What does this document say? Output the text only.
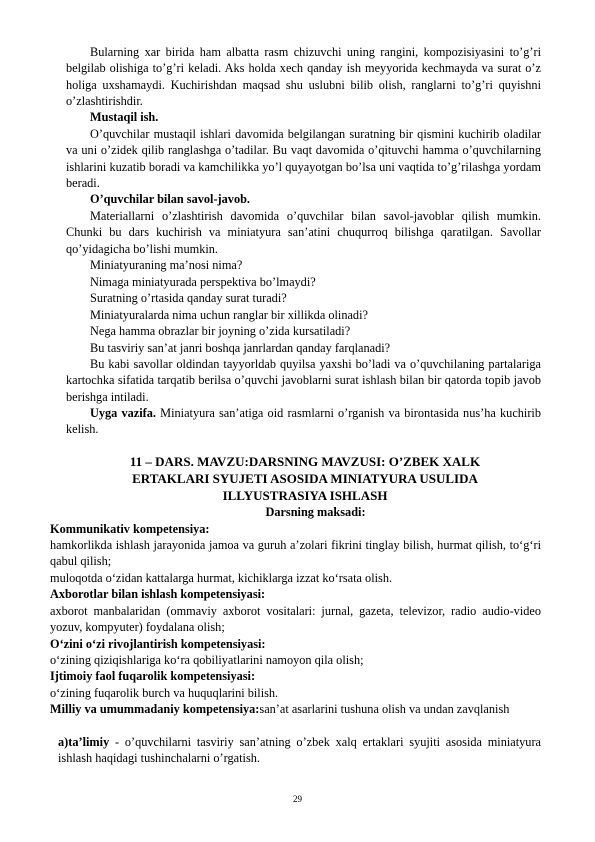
Bularning xar birida ham albatta rasm chizuvchi uning rangini, kompozisiyasini to’g’ri belgilab olishiga to’g’ri keladi. Aks holda xech qanday ish meyyorida kechmayda va surat o’z holiga uxshamaydi. Kuchirishdan maqsad shu uslubni bilib olish, ranglarni to’g’ri quyishni o’zlashtirishdir.

Mustaqil ish.

O’quvchilar mustaqil ishlari davomida belgilangan suratning bir qismini kuchirib oladilar va uni o’zidek qilib ranglashga o’tadilar. Bu vaqt davomida o’qituvchi hamma o’quvchilarning ishlarini kuzatib boradi va kamchilikka yo’l quyayotgan bo’lsa uni vaqtida to’g’rilashga yordam beradi.

O’quvchilar bilan savol-javob.

Materiallarni o’zlashtirish davomida o’quvchilar bilan savol-javoblar qilish mumkin. Chunki bu dars kuchirish va miniatyura san’atini chuqurroq bilishga qaratilgan. Savollar qo’yidagicha bo’lishi mumkin.

Miniatyuraning ma’nosi nima?

Nimaga miniatyurada perspektiva bo’lmaydi?

Suratning o’rtasida qanday surat turadi?

Miniatyuralarda nima uchun ranglar bir xillikda olinadi?

Nega hamma obrazlar bir joyning o’zida kursatiladi?

Bu tasviriy san’at janri boshqa janrlardan qanday farqlanadi?

Bu kabi savollar oldindan tayyorldab quyilsa yaxshi bo’ladi va o’quvchilaning partalariga kartochka sifatida tarqatib berilsa o’quvchi javoblarni surat ishlash bilan bir qatorda topib javob berishga intiladi.

Uyga vazifa. Miniatyura san’atiga oid rasmlarni o’rganish va birontasida nus’ha kuchirib kelish.

11 – DARS. MAVZU:DARSNING MAVZUSI: O’ZBEK XALK

ERTAKLARI SYUJETI ASOSIDA MINIATYURA USULIDA

ILLYUSTRASIYA ISHLASH

Darsning maksadi:

Kommunikativ kompetensiya:

hamkorlikda ishlash jarayonida jamoa va guruh a’zolari fikrini tinglay bilish, hurmat qilish, to‘g‘ri qabul qilish;

muloqotda o‘zidan kattalarga hurmat, kichiklarga izzat ko‘rsata olish.

Axborotlar bilan ishlash kompetensiyasi:

axborot manbalaridan (ommaviy axborot vositalari: jurnal, gazeta, televizor, radio audio-video yozuv, kompyuter) foydalana olish;

O‘zini o‘zi rivojlantirish kompetensiyasi:

o‘zining qiziqishlariga ko‘ra qobiliyatlarini namoyon qila olish;

Ijtimoiy faol fuqarolik kompetensiyasi:

o‘zining fuqarolik burch va huquqlarini bilish.

Milliy va umummadaniy kompetensiya:san’at asarlarini tushuna olish va undan zavqlanish

a)ta’limiy - o’quvchilarni tasviriy san’atning o’zbek xalq ertaklari syujiti asosida miniatyura ishlash haqidagi tushinchalarni o’rgatish.

29
